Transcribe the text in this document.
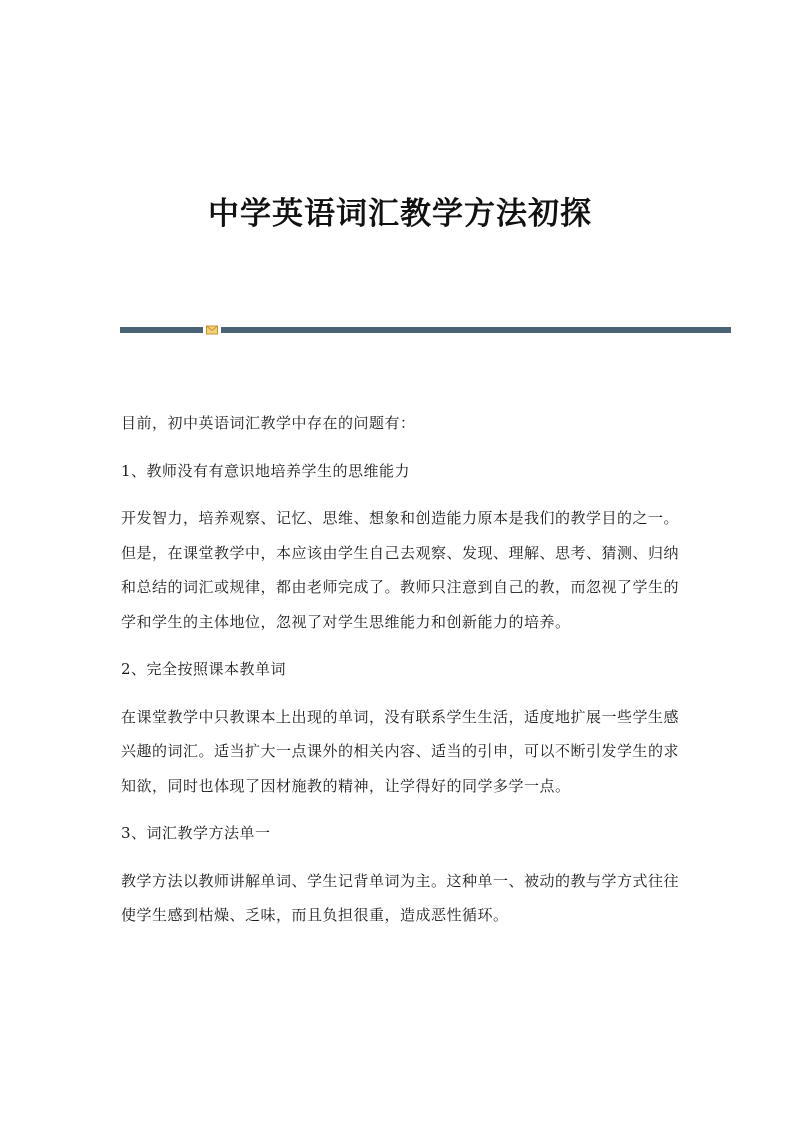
中学英语词汇教学方法初探

目前，初中英语词汇教学中存在的问题有：

1、教师没有有意识地培养学生的思维能力

开发智力，培养观察、记忆、思维、想象和创造能力原本是我们的教学目的之一。但是，在课堂教学中，本应该由学生自己去观察、发现、理解、思考、猜测、归纳和总结的词汇或规律，都由老师完成了。教师只注意到自己的教，而忽视了学生的学和学生的主体地位，忽视了对学生思维能力和创新能力的培养。

2、完全按照课本教单词

在课堂教学中只教课本上出现的单词，没有联系学生生活，适度地扩展一些学生感兴趣的词汇。适当扩大一点课外的相关内容、适当的引申，可以不断引发学生的求知欲，同时也体现了因材施教的精神，让学得好的同学多学一点。

3、词汇教学方法单一

教学方法以教师讲解单词、学生记背单词为主。这种单一、被动的教与学方式往往使学生感到枯燥、乏味，而且负担很重，造成恶性循环。
